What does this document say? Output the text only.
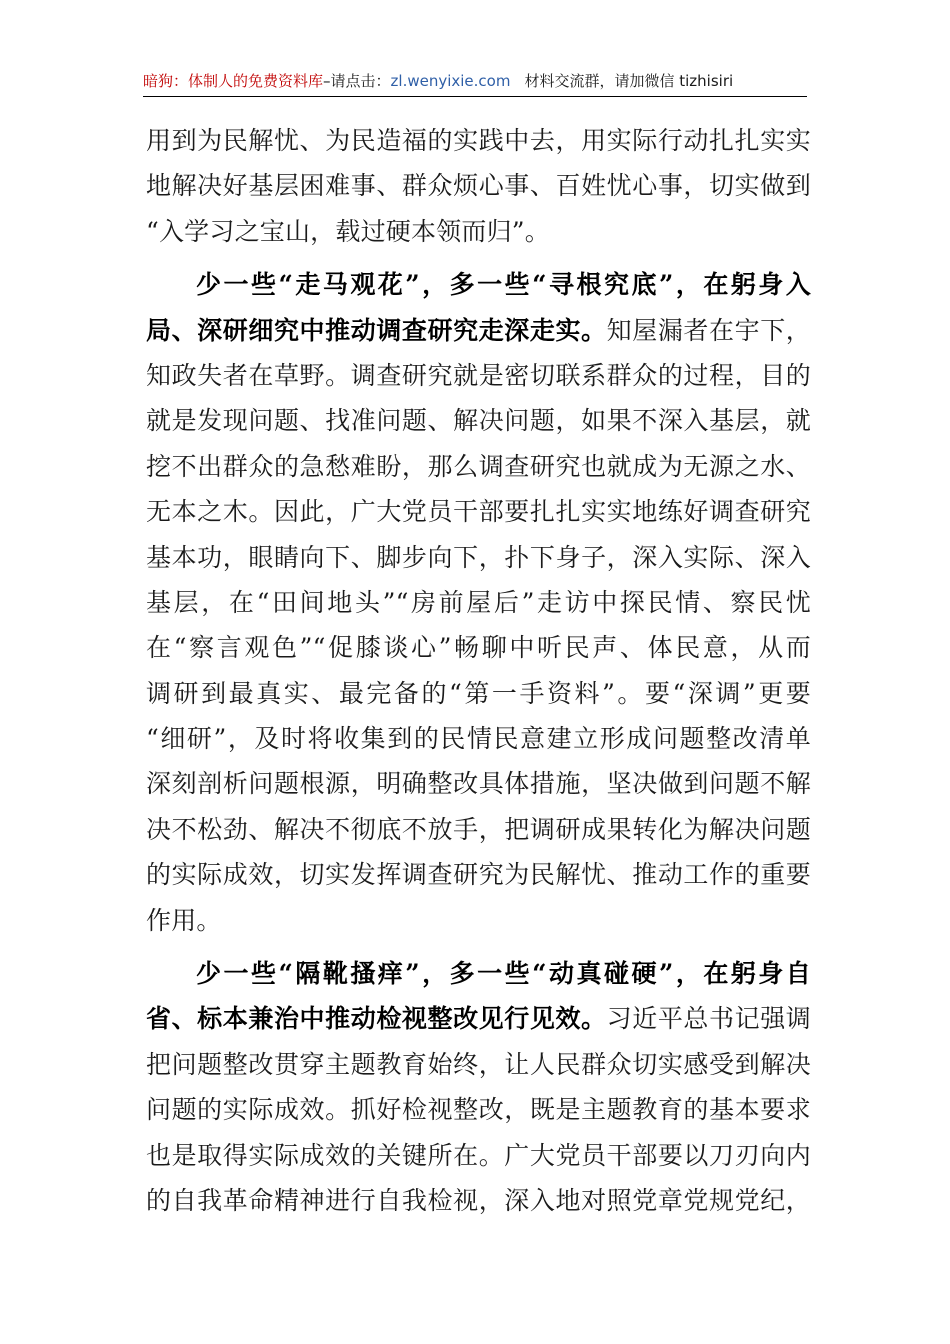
暗狗：体制人的免费资料库–请点击：zl.wenyixie.com 材料交流群，请加微信 tizhisiri
用到为民解忧、为民造福的实践中去，用实际行动扎扎实实
地解决好基层困难事、群众烦心事、百姓忧心事，切实做到
“入学习之宝山，载过硬本领而归”。
少一些“走马观花”，多一些“寻根究底”，在躬身入
局、深研细究中推动调查研究走深走实。知屋漏者在宇下，
知政失者在草野。调查研究就是密切联系群众的过程，目的
就是发现问题、找准问题、解决问题，如果不深入基层，就
挖不出群众的急愁难盼，那么调查研究也就成为无源之水、
无本之木。因此，广大党员干部要扎扎实实地练好调查研究
基本功，眼睛向下、脚步向下，扑下身子，深入实际、深入
基层，在“田间地头”“房前屋后”走访中探民情、察民忧
在“察言观色”“促膝谈心”畅聊中听民声、体民意，从而
调研到最真实、最完备的“第一手资料”。要“深调”更要
“细研”，及时将收集到的民情民意建立形成问题整改清单
深刻剖析问题根源，明确整改具体措施，坚决做到问题不解
决不松劲、解决不彻底不放手，把调研成果转化为解决问题
的实际成效，切实发挥调查研究为民解忧、推动工作的重要
作用。
少一些“隔靴搔痒”，多一些“动真碰硬”，在躬身自
省、标本兼治中推动检视整改见行见效。习近平总书记强调
把问题整改贯穿主题教育始终，让人民群众切实感受到解决
问题的实际成效。抓好检视整改，既是主题教育的基本要求
也是取得实际成效的关键所在。广大党员干部要以刀刃向内
的自我革命精神进行自我检视，深入地对照党章党规党纪，
